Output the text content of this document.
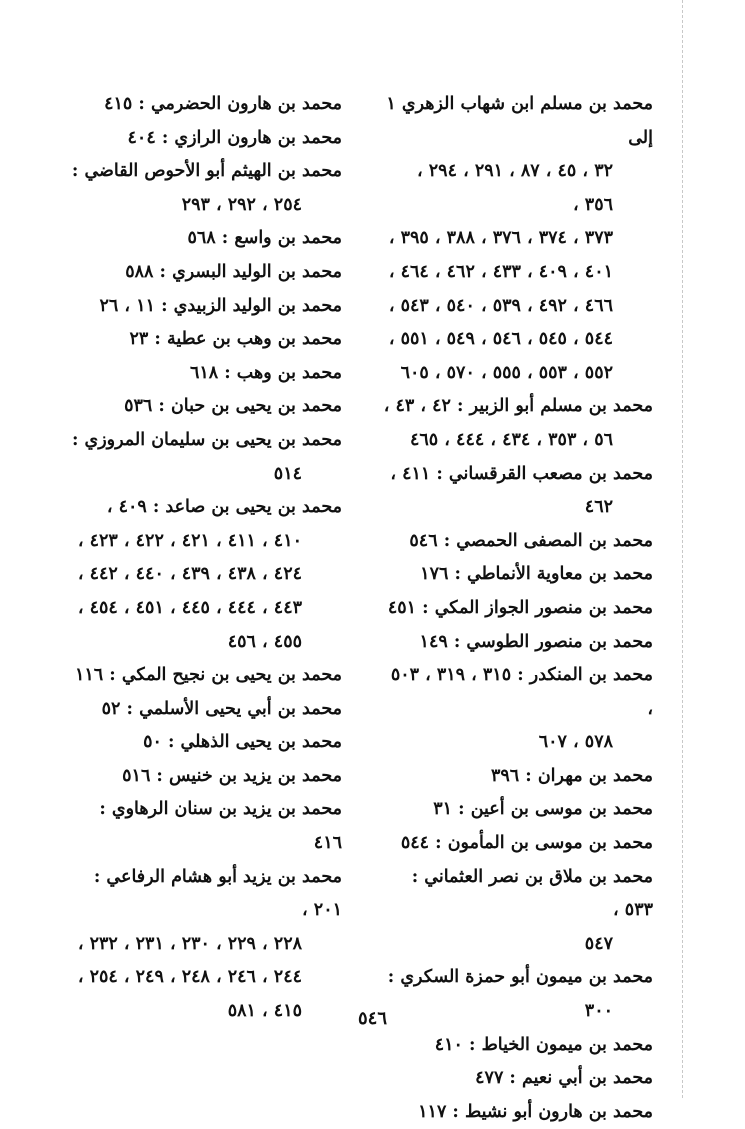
محمد بن مسلم ابن شهاب الزهري ١ إلى
٣٢ ، ٤٥ ، ٨٧ ، ٢٩١ ، ٢٩٤ ، ٣٥٦ ،
٣٧٣ ، ٣٧٤ ، ٣٧٦ ، ٣٨٨ ، ٣٩٥ ،
٤٠١ ، ٤٠٩ ، ٤٣٣ ، ٤٦٢ ، ٤٦٤ ،
٤٦٦ ، ٤٩٢ ، ٥٣٩ ، ٥٤٠ ، ٥٤٣ ،
٥٤٤ ، ٥٤٥ ، ٥٤٦ ، ٥٤٩ ، ٥٥١ ،
٥٥٢ ، ٥٥٣ ، ٥٥٥ ، ٥٧٠ ، ٦٠٥
محمد بن مسلم أبو الزبير : ٤٢ ، ٤٣ ،
٥٦ ، ٣٥٣ ، ٤٣٤ ، ٤٤٤ ، ٤٦٥
محمد بن مصعب القرقساني : ٤١١ ،
٤٦٢
محمد بن المصفى الحمصي : ٥٤٦
محمد بن معاوية الأنماطي : ١٧٦
محمد بن منصور الجواز المكي : ٤٥١
محمد بن منصور الطوسي : ١٤٩
محمد بن المنكدر : ٣١٥ ، ٣١٩ ، ٥٠٣ ،
٥٧٨ ، ٦٠٧
محمد بن مهران : ٣٩٦
محمد بن موسى بن أعين : ٣١
محمد بن موسى بن المأمون : ٥٤٤
محمد بن ملاق بن نصر العثماني : ٥٣٣ ،
٥٤٧
محمد بن ميمون أبو حمزة السكري :
٣٠٠
محمد بن ميمون الخياط : ٤١٠
محمد بن أبي نعيم : ٤٧٧
محمد بن هارون أبو نشيط : ١١٧
محمد بن هارون الحضرمي : ٤١٥
محمد بن هارون الرازي : ٤٠٤
محمد بن الهيثم أبو الأحوص القاضي :
٢٥٤ ، ٢٩٢ ، ٢٩٣
محمد بن واسع : ٥٦٨
محمد بن الوليد البسري : ٥٨٨
محمد بن الوليد الزبيدي : ١١ ، ٢٦
محمد بن وهب بن عطية : ٢٣
محمد بن وهب : ٦١٨
محمد بن يحيى بن حبان : ٥٣٦
محمد بن يحيى بن سليمان المروزي :
٥١٤
محمد بن يحيى بن صاعد : ٤٠٩ ،
٤١٠ ، ٤١١ ، ٤٢١ ، ٤٢٢ ، ٤٢٣ ،
٤٢٤ ، ٤٣٨ ، ٤٣٩ ، ٤٤٠ ، ٤٤٢ ،
٤٤٣ ، ٤٤٤ ، ٤٤٥ ، ٤٥١ ، ٤٥٤ ،
٤٥٥ ، ٤٥٦
محمد بن يحيى بن نجيح المكي : ١١٦
محمد بن أبي يحيى الأسلمي : ٥٢
محمد بن يحيى الذهلي : ٥٠
محمد بن يزيد بن خنيس : ٥١٦
محمد بن يزيد بن سنان الرهاوي : ٤١٦
محمد بن يزيد أبو هشام الرفاعي : ٢٠١ ،
٢٢٨ ، ٢٢٩ ، ٢٣٠ ، ٢٣١ ، ٢٣٢ ،
٢٤٤ ، ٢٤٦ ، ٢٤٨ ، ٢٤٩ ، ٢٥٤ ،
٤١٥ ، ٥٨١	٥٤٦
